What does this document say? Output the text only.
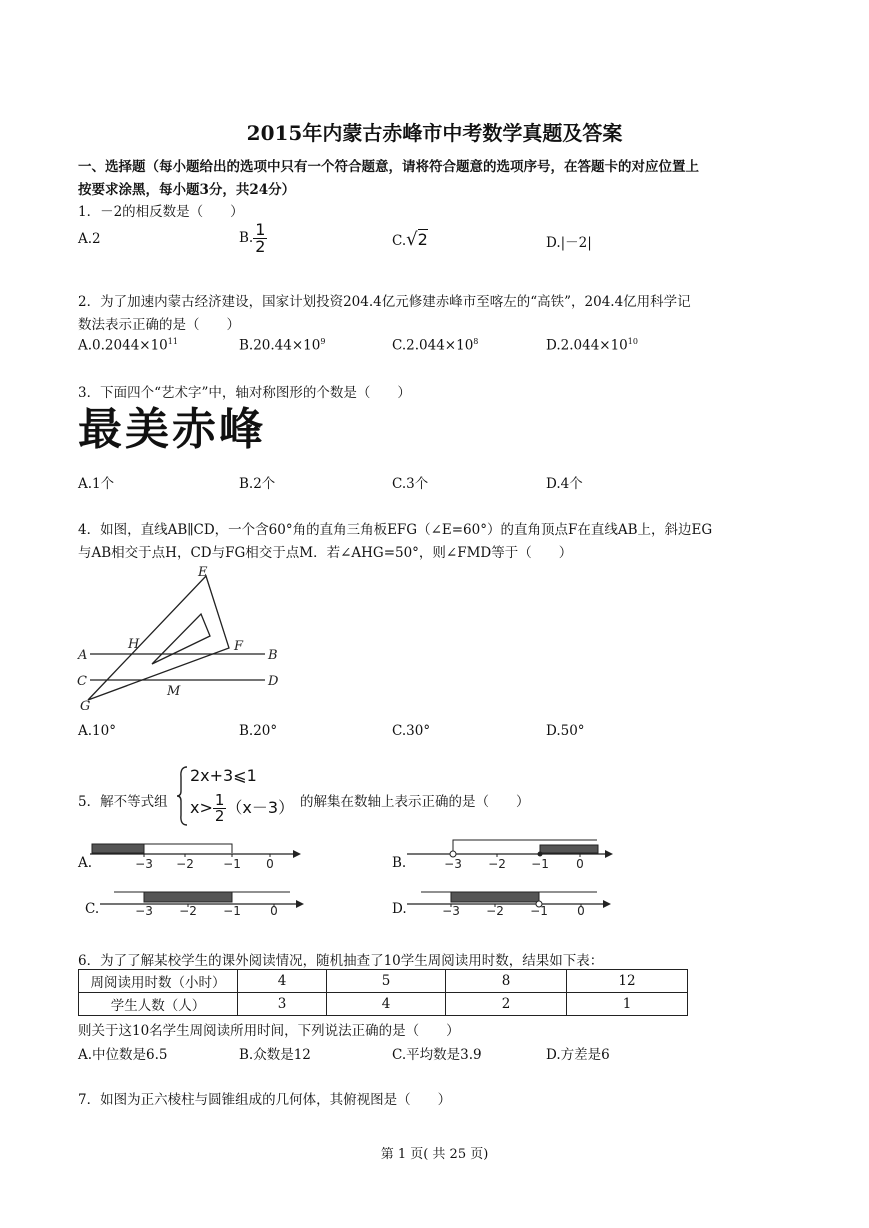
2015年内蒙古赤峰市中考数学真题及答案
一、选择题（每小题给出的选项中只有一个符合题意，请将符合题意的选项序号，在答题卡的对应位置上
按要求涂黑，每小题3分，共24分）
1．－2的相反数是（　　）
A.2	B. $\frac{1}{2}$	C.√2	D.|－2|
2．为了加速内蒙古经济建设，国家计划投资204.4亿元修建赤峰市至喀左的“高铁”，204.4亿用科学记
数法表示正确的是（　　）
$A.0.2044\times 10^{11}$	$B.20.44\times 10^9$	$C.2.044\times 10^8$	$D.2.044\times 10^{10}$
3．下面四个“艺术字”中，轴对称图形的个数是（　　）
最美赤峰
A.1个	B.2个	C.3个	D.4个
4．如图，直线AB∥CD，一个含60°角的直角三角板EFG（∠E=60°）的直角顶点F在直线AB上，斜边EG
与AB相交于点H，CD与FG相交于点M．若∠AHG=50°，则∠FMD等于（　　）
E
H	F
A	B
C	D
M
G
A.10°	B.20°	C.30°	D.50°
5．解不等式组
2x+3⩽1
$x> \frac{1}{2} (x-3)$ 的解集在数轴上表示正确的是（　　）
A.	−3 −2 −1 0	B.	−3 −2 −1 0
C.	−3 −2 −1 0	D.	−3 −2 −1 0
6．为了了解某校学生的课外阅读情况，随机抽查了10学生周阅读用时数，结果如下表：
周阅读用时数（小时）	4	5	8	12
学生人数（人）	3	4	2	1
则关于这10名学生周阅读所用时间，下列说法正确的是（　　）
A.中位数是6.5	B.众数是12	C.平均数是3.9	D.方差是6
7．如图为正六棱柱与圆锥组成的几何体，其俯视图是（　　）
第 1 页( 共 25 页)
